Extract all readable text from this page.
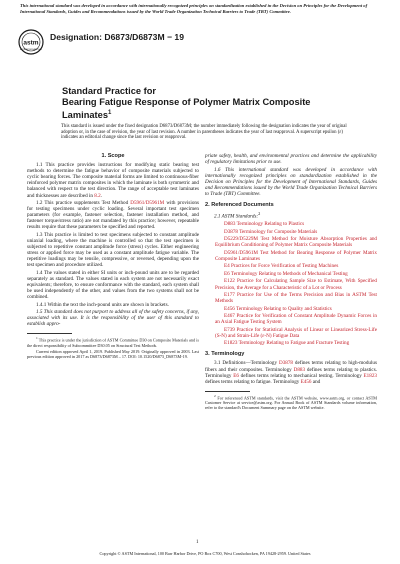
This international standard was developed in accordance with internationally recognized principles on standardization established in the Decision on Principles for the Development of International Standards, Guides and Recommendations issued by the World Trade Organization Technical Barriers to Trade (TBT) Committee.
astm
ASTM INTERNATIONAL
Designation: D6873/D6873M − 19
Standard Practice for
Bearing Fatigue Response of Polymer Matrix Composite
Laminates$^1$
This standard is issued under the fixed designation D6873/D6873M; the number immediately following the designation indicates the year of original adoption or, in the case of revision, the year of last revision. A number in parentheses indicates the year of last reapproval. A superscript epsilon (ε) indicates an editorial change since the last revision or reapproval.
1. Scope

1.1 This practice provides instructions for modifying static bearing test methods to determine the fatigue behavior of composite materials subjected to cyclic bearing forces. The composite material forms are limited to continuous-fiber reinforced polymer matrix composites in which the laminate is both symmetric and balanced with respect to the test direction. The range of acceptable test laminates and thicknesses are described in 8.2.

1.2 This practice supplements Test Method D5961/D5961M with provisions for testing specimens under cyclic loading. Several important test specimen parameters (for example, fastener selection, fastener installation method, and fastener torque/stress ratio) are not mandated by this practice; however, repeatable results require that these parameters be specified and reported.

1.3 This practice is limited to test specimens subjected to constant amplitude uniaxial loading, where the machine is controlled so that the test specimen is subjected to repetitive constant amplitude force (stress) cycles. Either engineering stress or applied force may be used as a constant amplitude fatigue variable. The repetitive loadings may be tensile, compressive, or reversed, depending upon the test specimen and procedure utilized.

1.4 The values stated in either SI units or inch-pound units are to be regarded separately as standard. The values stated in each system are not necessarily exact equivalents; therefore, to ensure conformance with the standard, each system shall be used independently of the other, and values from the two systems shall not be combined.

1.4.1 Within the text the inch-pound units are shown in brackets.

1.5 This standard does not purport to address all of the safety concerns, if any, associated with its use. It is the responsibility of the user of this standard to establish appro-

$^1$ This practice is under the jurisdiction of ASTM Committee D30 on Composite Materials and is the direct responsibility of Subcommittee D30.05 on Structural Test Methods.

Current edition approved April 1, 2019. Published May 2019. Originally approved in 2003. Last previous edition approved in 2017 as D6873/D6873M – 17. DOI: 10.1520/D6873_D6873M-19.

priate safety, health, and environmental practices and determine the applicability of regulatory limitations prior to use.

1.6 This international standard was developed in accordance with internationally recognized principles on standardization established in the Decision on Principles for the Development of International Standards, Guides and Recommendations issued by the World Trade Organization Technical Barriers to Trade (TBT) Committee.

2. Referenced Documents

2.1 ASTM Standards:$^2$

D883 Terminology Relating to Plastics

D3878 Terminology for Composite Materials

D5229/D5229M Test Method for Moisture Absorption Properties and Equilibrium Conditioning of Polymer Matrix Composite Materials

D5961/D5961M Test Method for Bearing Response of Polymer Matrix Composite Laminates

E4 Practices for Force Verification of Testing Machines

E6 Terminology Relating to Methods of Mechanical Testing

E122 Practice for Calculating Sample Size to Estimate, With Specified Precision, the Average for a Characteristic of a Lot or Process

E177 Practice for Use of the Terms Precision and Bias in ASTM Test Methods

E456 Terminology Relating to Quality and Statistics

E467 Practice for Verification of Constant Amplitude Dynamic Forces in an Axial Fatigue Testing System

E739 Practice for Statistical Analysis of Linear or Linearized Stress-Life (S-N) and Strain-Life (ε-N) Fatigue Data

E1823 Terminology Relating to Fatigue and Fracture Testing

3. Terminology

3.1 Definitions—Terminology D3878 defines terms relating to high-modulus fibers and their composites. Terminology D883 defines terms relating to plastics. Terminology E6 defines terms relating to mechanical testing. Terminology E1823 defines terms relating to fatigue. Terminology E456 and

$^2$ For referenced ASTM standards, visit the ASTM website, www.astm.org, or contact ASTM Customer Service at service@astm.org. For Annual Book of ASTM Standards volume information, refer to the standard's Document Summary page on the ASTM website.

1
Copyright © ASTM International, 100 Barr Harbor Drive, PO Box C700, West Conshohocken, PA 19428-2959. United States
